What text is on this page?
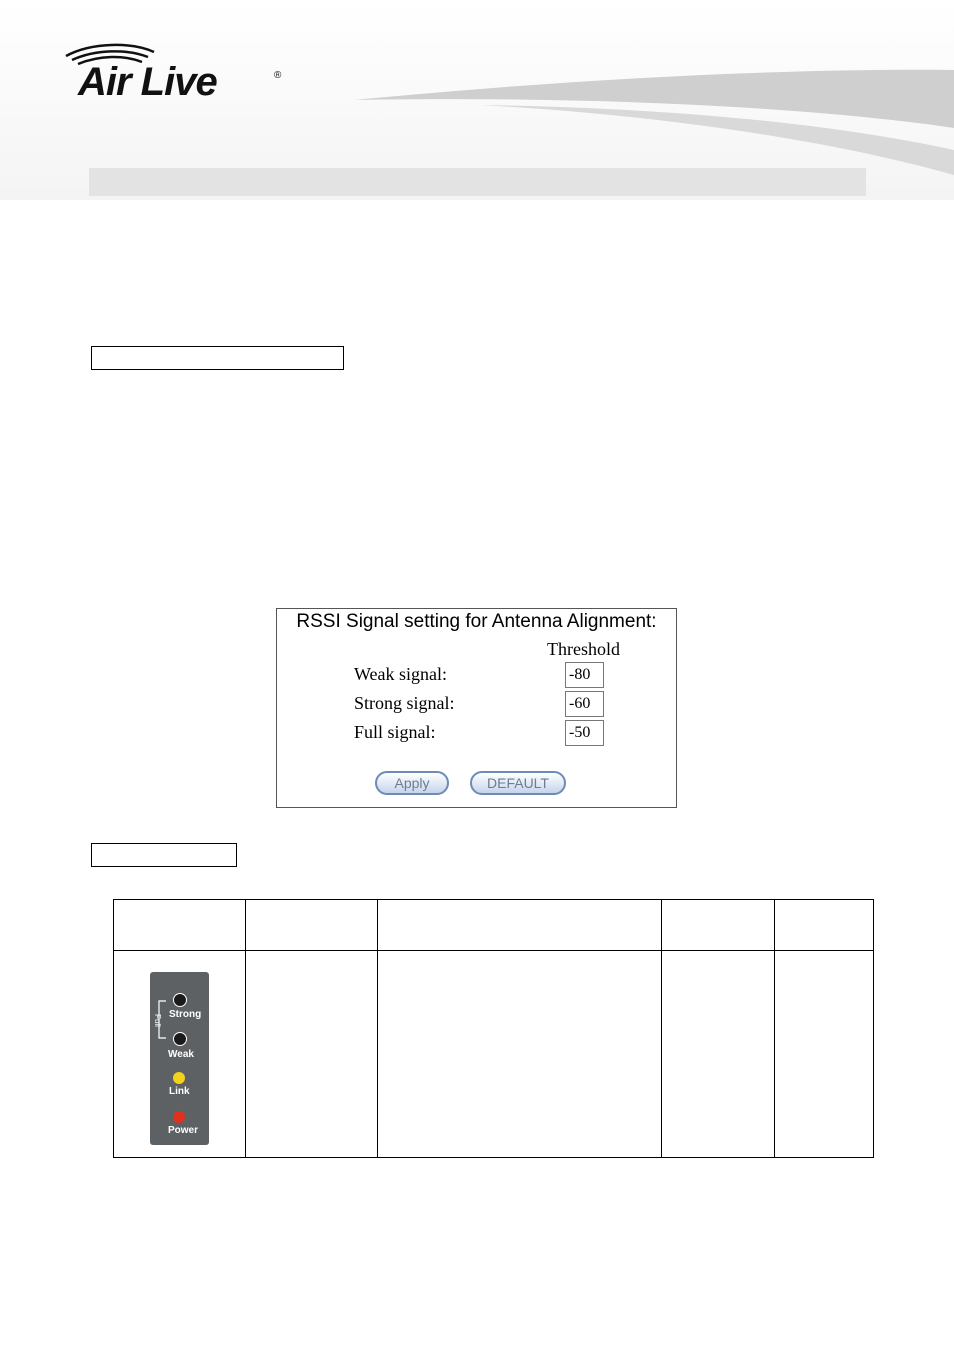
Air Live	®

RSSI Signal setting for Antenna Alignment:

Threshold
Weak signal:
-80
Strong signal:
-60
Full signal:
-50
Apply	DEFAULT

Full Strong
Weak
Link
Power
